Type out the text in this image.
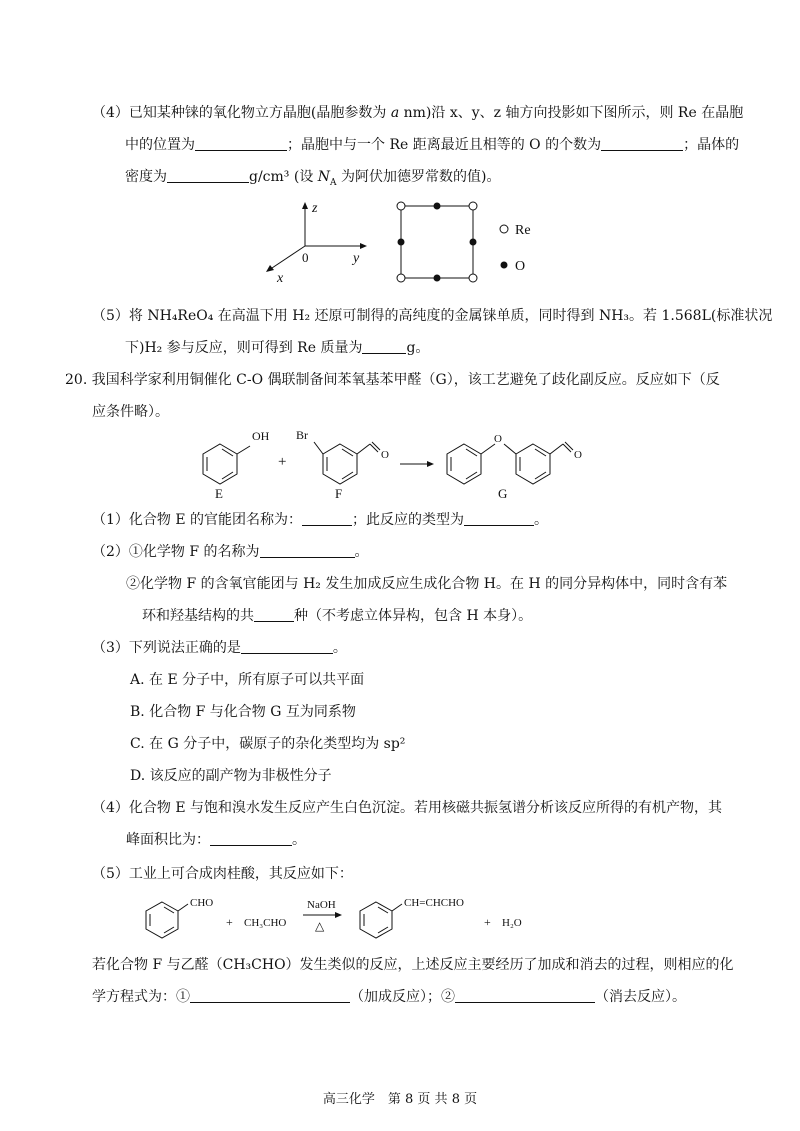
（4）已知某种铼的氧化物立方晶胞(晶胞参数为 a nm)沿 x、y、z 轴方向投影如下图所示，则 Re 在晶胞
中的位置为	；晶胞中与一个 Re 距离最近且相等的 O 的个数为	；晶体的
密度为	g/cm³ (设 $N_A$ 为阿伏加德罗常数的值)。
z
y
x
0
Re
O
（5）将 NH₄ReO₄ 在高温下用 H₂ 还原可制得的高纯度的金属铼单质，同时得到 NH₃。若 1.568L(标准状况
下)H₂ 参与反应，则可得到 Re 质量为	g。
20. 我国科学家利用铜催化 C-O 偶联制备间苯氧基苯甲醛（G），该工艺避免了歧化副反应。反应如下（反
应条件略）。
OH
E
+
Br
O
F
O
O
G
（1）化合物 E 的官能团名称为：	；此反应的类型为	。
（2）①化学物 F 的名称为	。
②化学物 F 的含氧官能团与 H₂ 发生加成反应生成化合物 H。在 H 的同分异构体中，同时含有苯
环和羟基结构的共	种（不考虑立体异构，包含 H 本身）。
（3）下列说法正确的是	。
A. 在 E 分子中，所有原子可以共平面
B. 化合物 F 与化合物 G 互为同系物
C. 在 G 分子中，碳原子的杂化类型均为 sp²
D. 该反应的副产物为非极性分子
（4）化合物 E 与饱和溴水发生反应产生白色沉淀。若用核磁共振氢谱分析该反应所得的有机产物，其
峰面积比为：	。
（5）工业上可合成肉桂酸，其反应如下：
CHO
+ CH₃CHO
NaOH
△
CH=CHCHO
+ H₂O
若化合物 F 与乙醛（CH₃CHO）发生类似的反应，上述反应主要经历了加成和消去的过程，则相应的化
学方程式为：①	（加成反应）；②	（消去反应）。
高三化学　第 8 页 共 8 页
